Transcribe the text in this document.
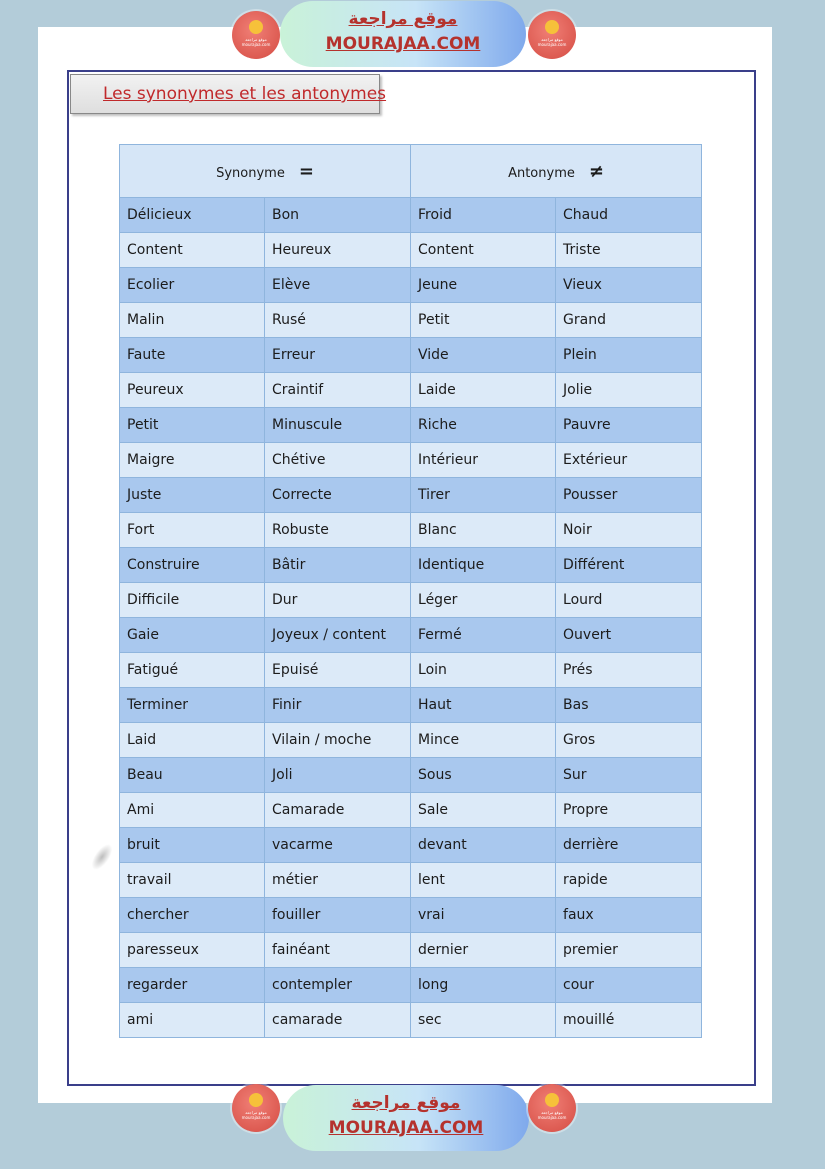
موقع مراجعة
mourajaa.com
موقع مراجعة
MOURAJAA.COM	موقع مراجعة
mourajaa.com
Les synonymes et les antonymes
Synonyme =		Antonyme ≠	
Délicieux	Bon	Froid	Chaud
Content	Heureux	Content	Triste
Ecolier	Elève	Jeune	Vieux
Malin	Rusé	Petit	Grand
Faute	Erreur	Vide	Plein
Peureux	Craintif	Laide	Jolie
Petit	Minuscule	Riche	Pauvre
Maigre	Chétive	Intérieur	Extérieur
Juste	Correcte	Tirer	Pousser
Fort	Robuste	Blanc	Noir
Construire	Bâtir	Identique	Différent
Difficile	Dur	Léger	Lourd
Gaie	Joyeux / content	Fermé	Ouvert
Fatigué	Epuisé	Loin	Prés
Terminer	Finir	Haut	Bas
Laid	Vilain / moche	Mince	Gros
Beau	Joli	Sous	Sur
Ami	Camarade	Sale	Propre
bruit	vacarme	devant	derrière
travail	métier	lent	rapide
chercher	fouiller	vrai	faux
paresseux	fainéant	dernier	premier
regarder	contempler	long	cour
ami	camarade	sec	mouillé
موقع مراجعة
mourajaa.com
موقع مراجعة
MOURAJAA.COM
موقع مراجعة
mourajaa.com
